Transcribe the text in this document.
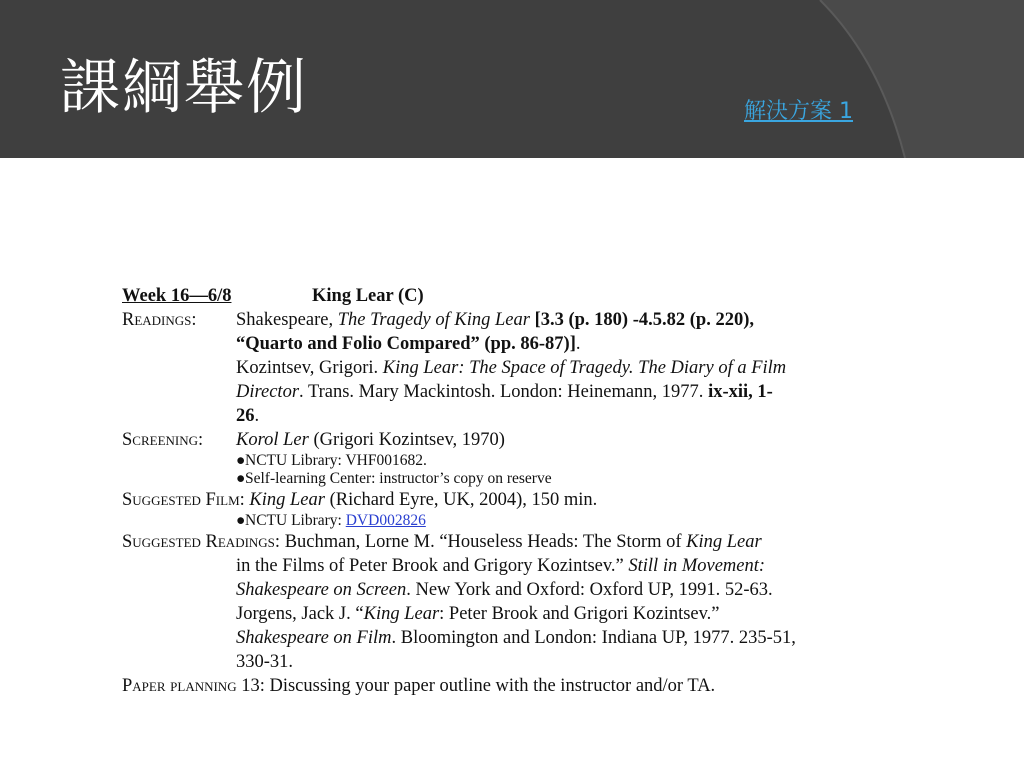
課綱舉例	解決方案 1
Week 16—6/8	King Lear (C)
Readings: Shakespeare, The Tragedy of King Lear [3.3 (p. 180) -4.5.82 (p. 220),
“Quarto and Folio Compared” (pp. 86-87)].
Kozintsev, Grigori. King Lear: The Space of Tragedy. The Diary of a Film
Director. Trans. Mary Mackintosh. London: Heinemann, 1977. ix-xii, 1-
26.
Screening: Korol Ler (Grigori Kozintsev, 1970)
●NCTU Library: VHF001682.
●Self-learning Center: instructor’s copy on reserve
Suggested Film: King Lear (Richard Eyre, UK, 2004), 150 min.
●NCTU Library: DVD002826
Suggested Readings: Buchman, Lorne M. “Houseless Heads: The Storm of King Lear
in the Films of Peter Brook and Grigory Kozintsev.” Still in Movement:
Shakespeare on Screen. New York and Oxford: Oxford UP, 1991. 52-63.
Jorgens, Jack J. “King Lear: Peter Brook and Grigori Kozintsev.”
Shakespeare on Film. Bloomington and London: Indiana UP, 1977. 235-51,
330-31.
Paper planning 13: Discussing your paper outline with the instructor and/or TA.
